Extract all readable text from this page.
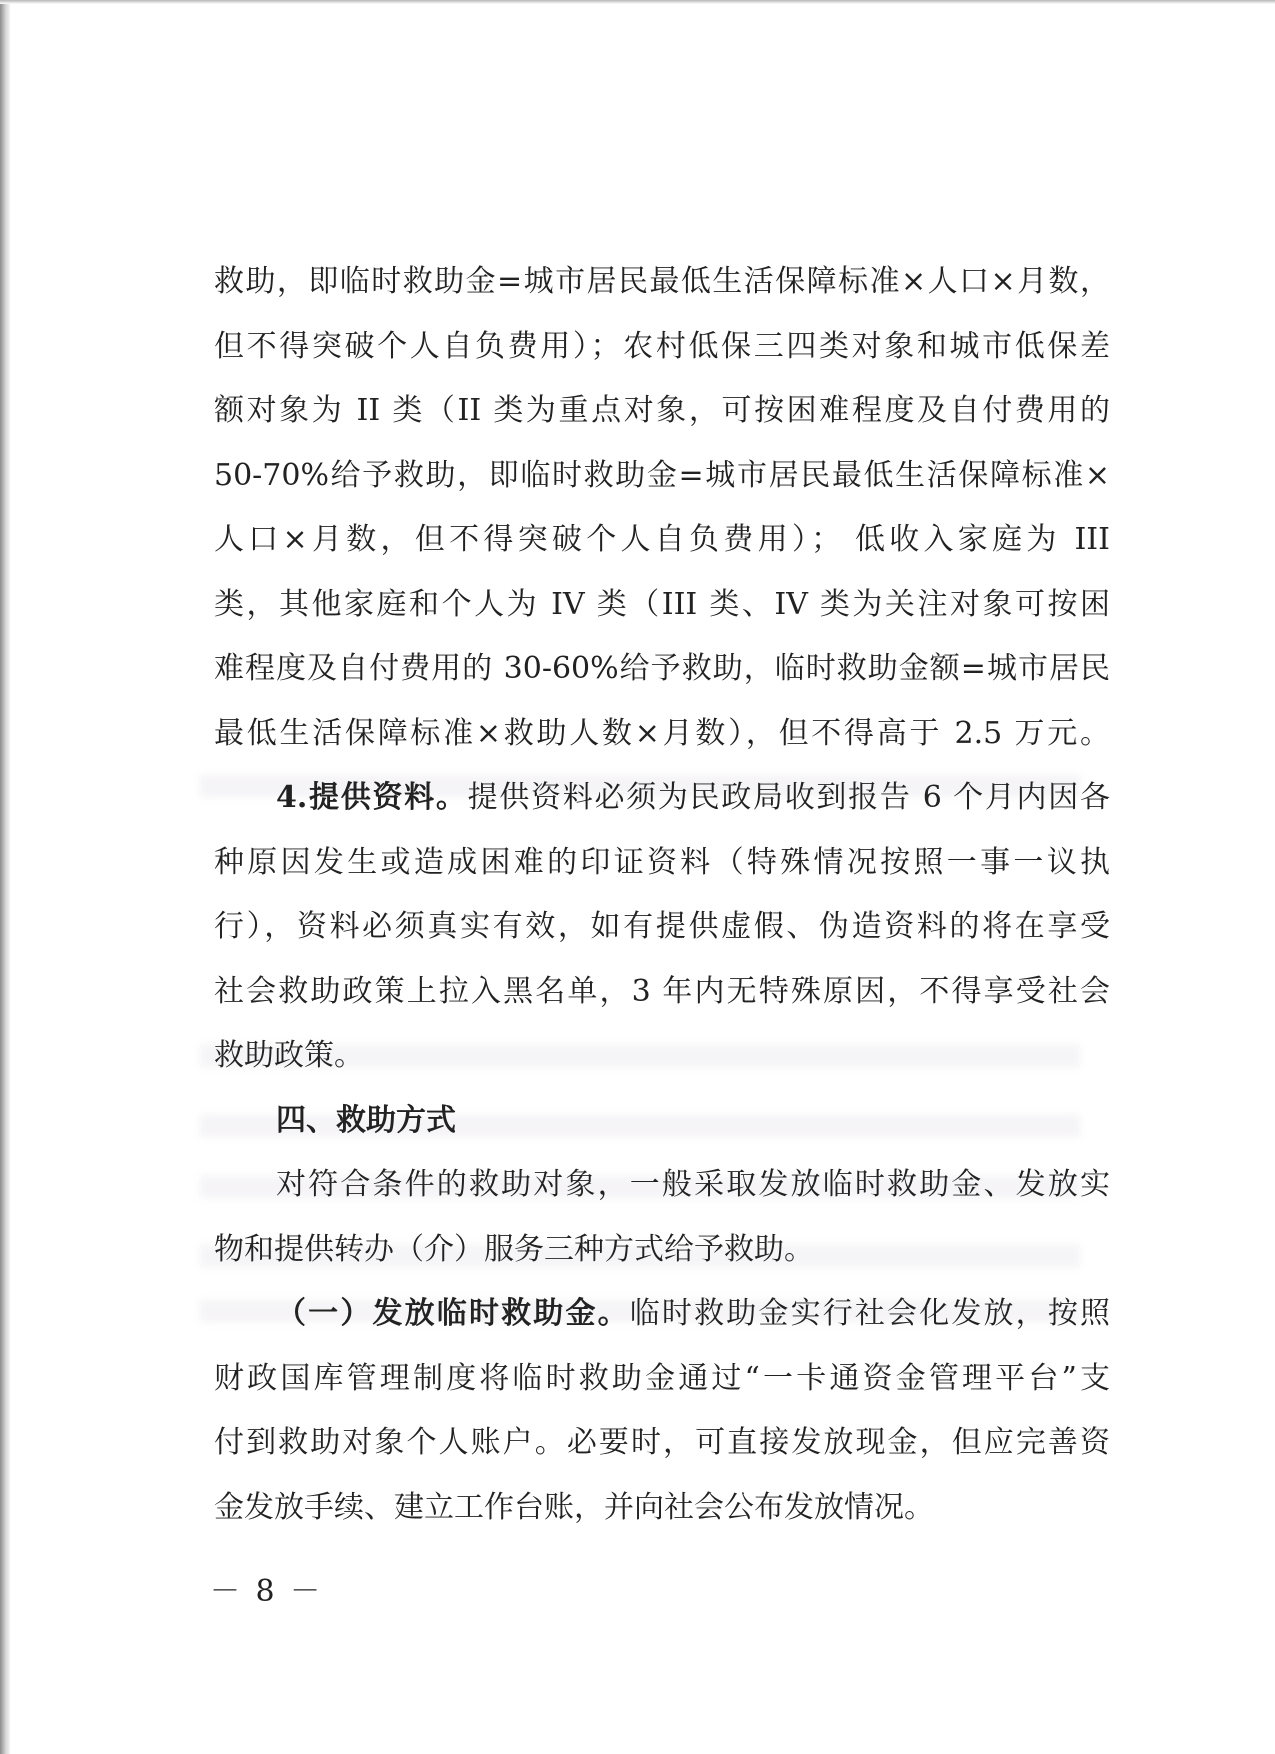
救助，即临时救助金=城市居民最低生活保障标准×人口×月数，
但不得突破个人自负费用）；农村低保三四类对象和城市低保差
额对象为 II 类（II 类为重点对象，可按困难程度及自付费用的
50-70%给予救助，即临时救助金=城市居民最低生活保障标准×
人口×月数，但不得突破个人自负费用）； 低收入家庭为 III
类，其他家庭和个人为 IV 类（III 类、IV 类为关注对象可按困
难程度及自付费用的 30-60%给予救助，临时救助金额=城市居民
最低生活保障标准×救助人数×月数），但不得高于 2.5 万元。
4.提供资料。提供资料必须为民政局收到报告 6 个月内因各
种原因发生或造成困难的印证资料（特殊情况按照一事一议执
行），资料必须真实有效，如有提供虚假、伪造资料的将在享受
社会救助政策上拉入黑名单，3 年内无特殊原因，不得享受社会
救助政策。
四、救助方式
对符合条件的救助对象，一般采取发放临时救助金、发放实
物和提供转办（介）服务三种方式给予救助。
（一）发放临时救助金。临时救助金实行社会化发放，按照
财政国库管理制度将临时救助金通过“一卡通资金管理平台”支
付到救助对象个人账户。必要时，可直接发放现金，但应完善资
金发放手续、建立工作台账，并向社会公布发放情况。
－ 8 －
